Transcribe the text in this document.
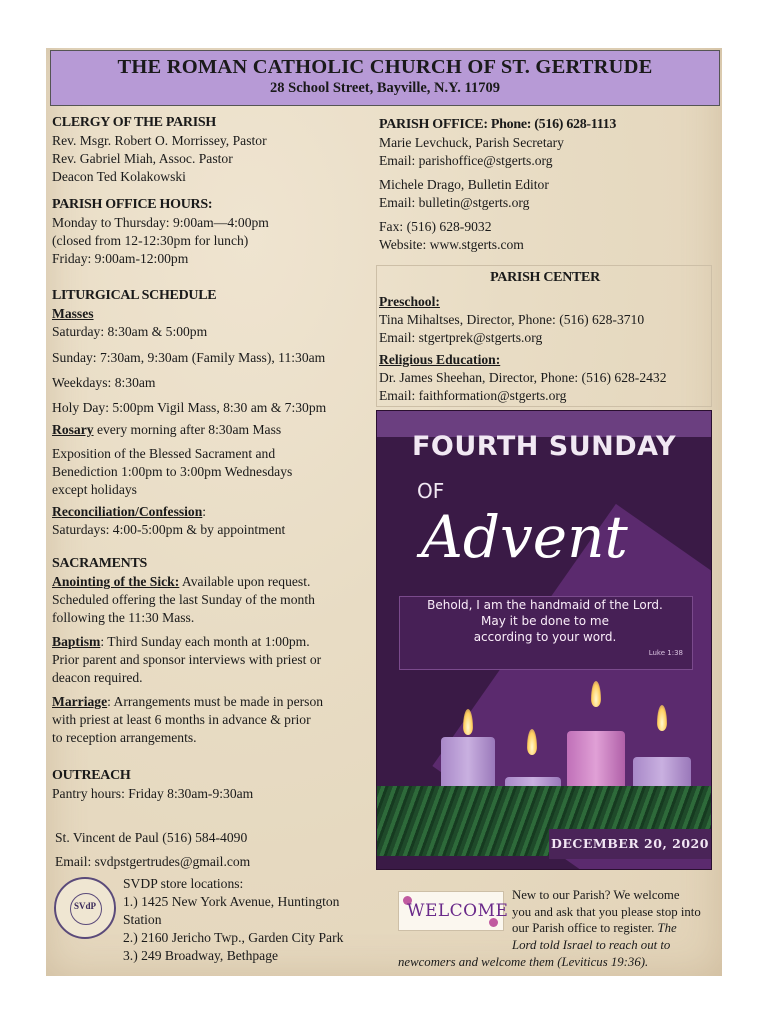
THE ROMAN CATHOLIC CHURCH OF ST. GERTRUDE
28 School Street, Bayville, N.Y. 11709
CLERGY OF THE PARISH
Rev. Msgr. Robert O. Morrissey, Pastor
Rev. Gabriel Miah, Assoc. Pastor
Deacon Ted Kolakowski
PARISH OFFICE HOURS:
Monday to Thursday: 9:00am—4:00pm
(closed from 12-12:30pm for lunch)
Friday: 9:00am-12:00pm
LITURGICAL SCHEDULE
Masses
Saturday: 8:30am & 5:00pm
Sunday: 7:30am, 9:30am (Family Mass), 11:30am
Weekdays: 8:30am
Holy Day: 5:00pm Vigil Mass, 8:30 am & 7:30pm
Rosary every morning after 8:30am Mass
Exposition of the Blessed Sacrament and
Benediction 1:00pm to 3:00pm Wednesdays
except holidays
Reconciliation/Confession:
Saturdays: 4:00-5:00pm & by appointment
SACRAMENTS
Anointing of the Sick: Available upon request.
Scheduled offering the last Sunday of the month
following the 11:30 Mass.
Baptism: Third Sunday each month at 1:00pm.
Prior parent and sponsor interviews with priest or
deacon required.
Marriage: Arrangements must be made in person
with priest at least 6 months in advance & prior
to reception arrangements.
OUTREACH
Pantry hours: Friday 8:30am-9:30am
St. Vincent de Paul (516) 584-4090
Email: svdpstgertrudes@gmail.com
SVdP
SVDP store locations:
1.) 1425 New York Avenue, Huntington
Station
2.) 2160 Jericho Twp., Garden City Park
3.) 249 Broadway, Bethpage
PARISH OFFICE: Phone: (516) 628-1113
Marie Levchuck, Parish Secretary
Email: parishoffice@stgerts.org
Michele Drago, Bulletin Editor
Email: bulletin@stgerts.org
Fax: (516) 628-9032
Website: www.stgerts.com
PARISH CENTER
Preschool:
Tina Mihaltses, Director, Phone: (516) 628-3710
Email: stgertprek@stgerts.org
Religious Education:
Dr. James Sheehan, Director, Phone: (516) 628-2432
Email: faithformation@stgerts.org
FOURTH SUNDAY
OF
Advent
Behold, I am the handmaid of the Lord.
May it be done to me
according to your word.
Luke 1:38
DECEMBER 20, 2020
WELCOME
New to our Parish? We welcome
you and ask that you please stop into
our Parish office to register. The
Lord told Israel to reach out to
newcomers and welcome them (Leviticus 19:36).
